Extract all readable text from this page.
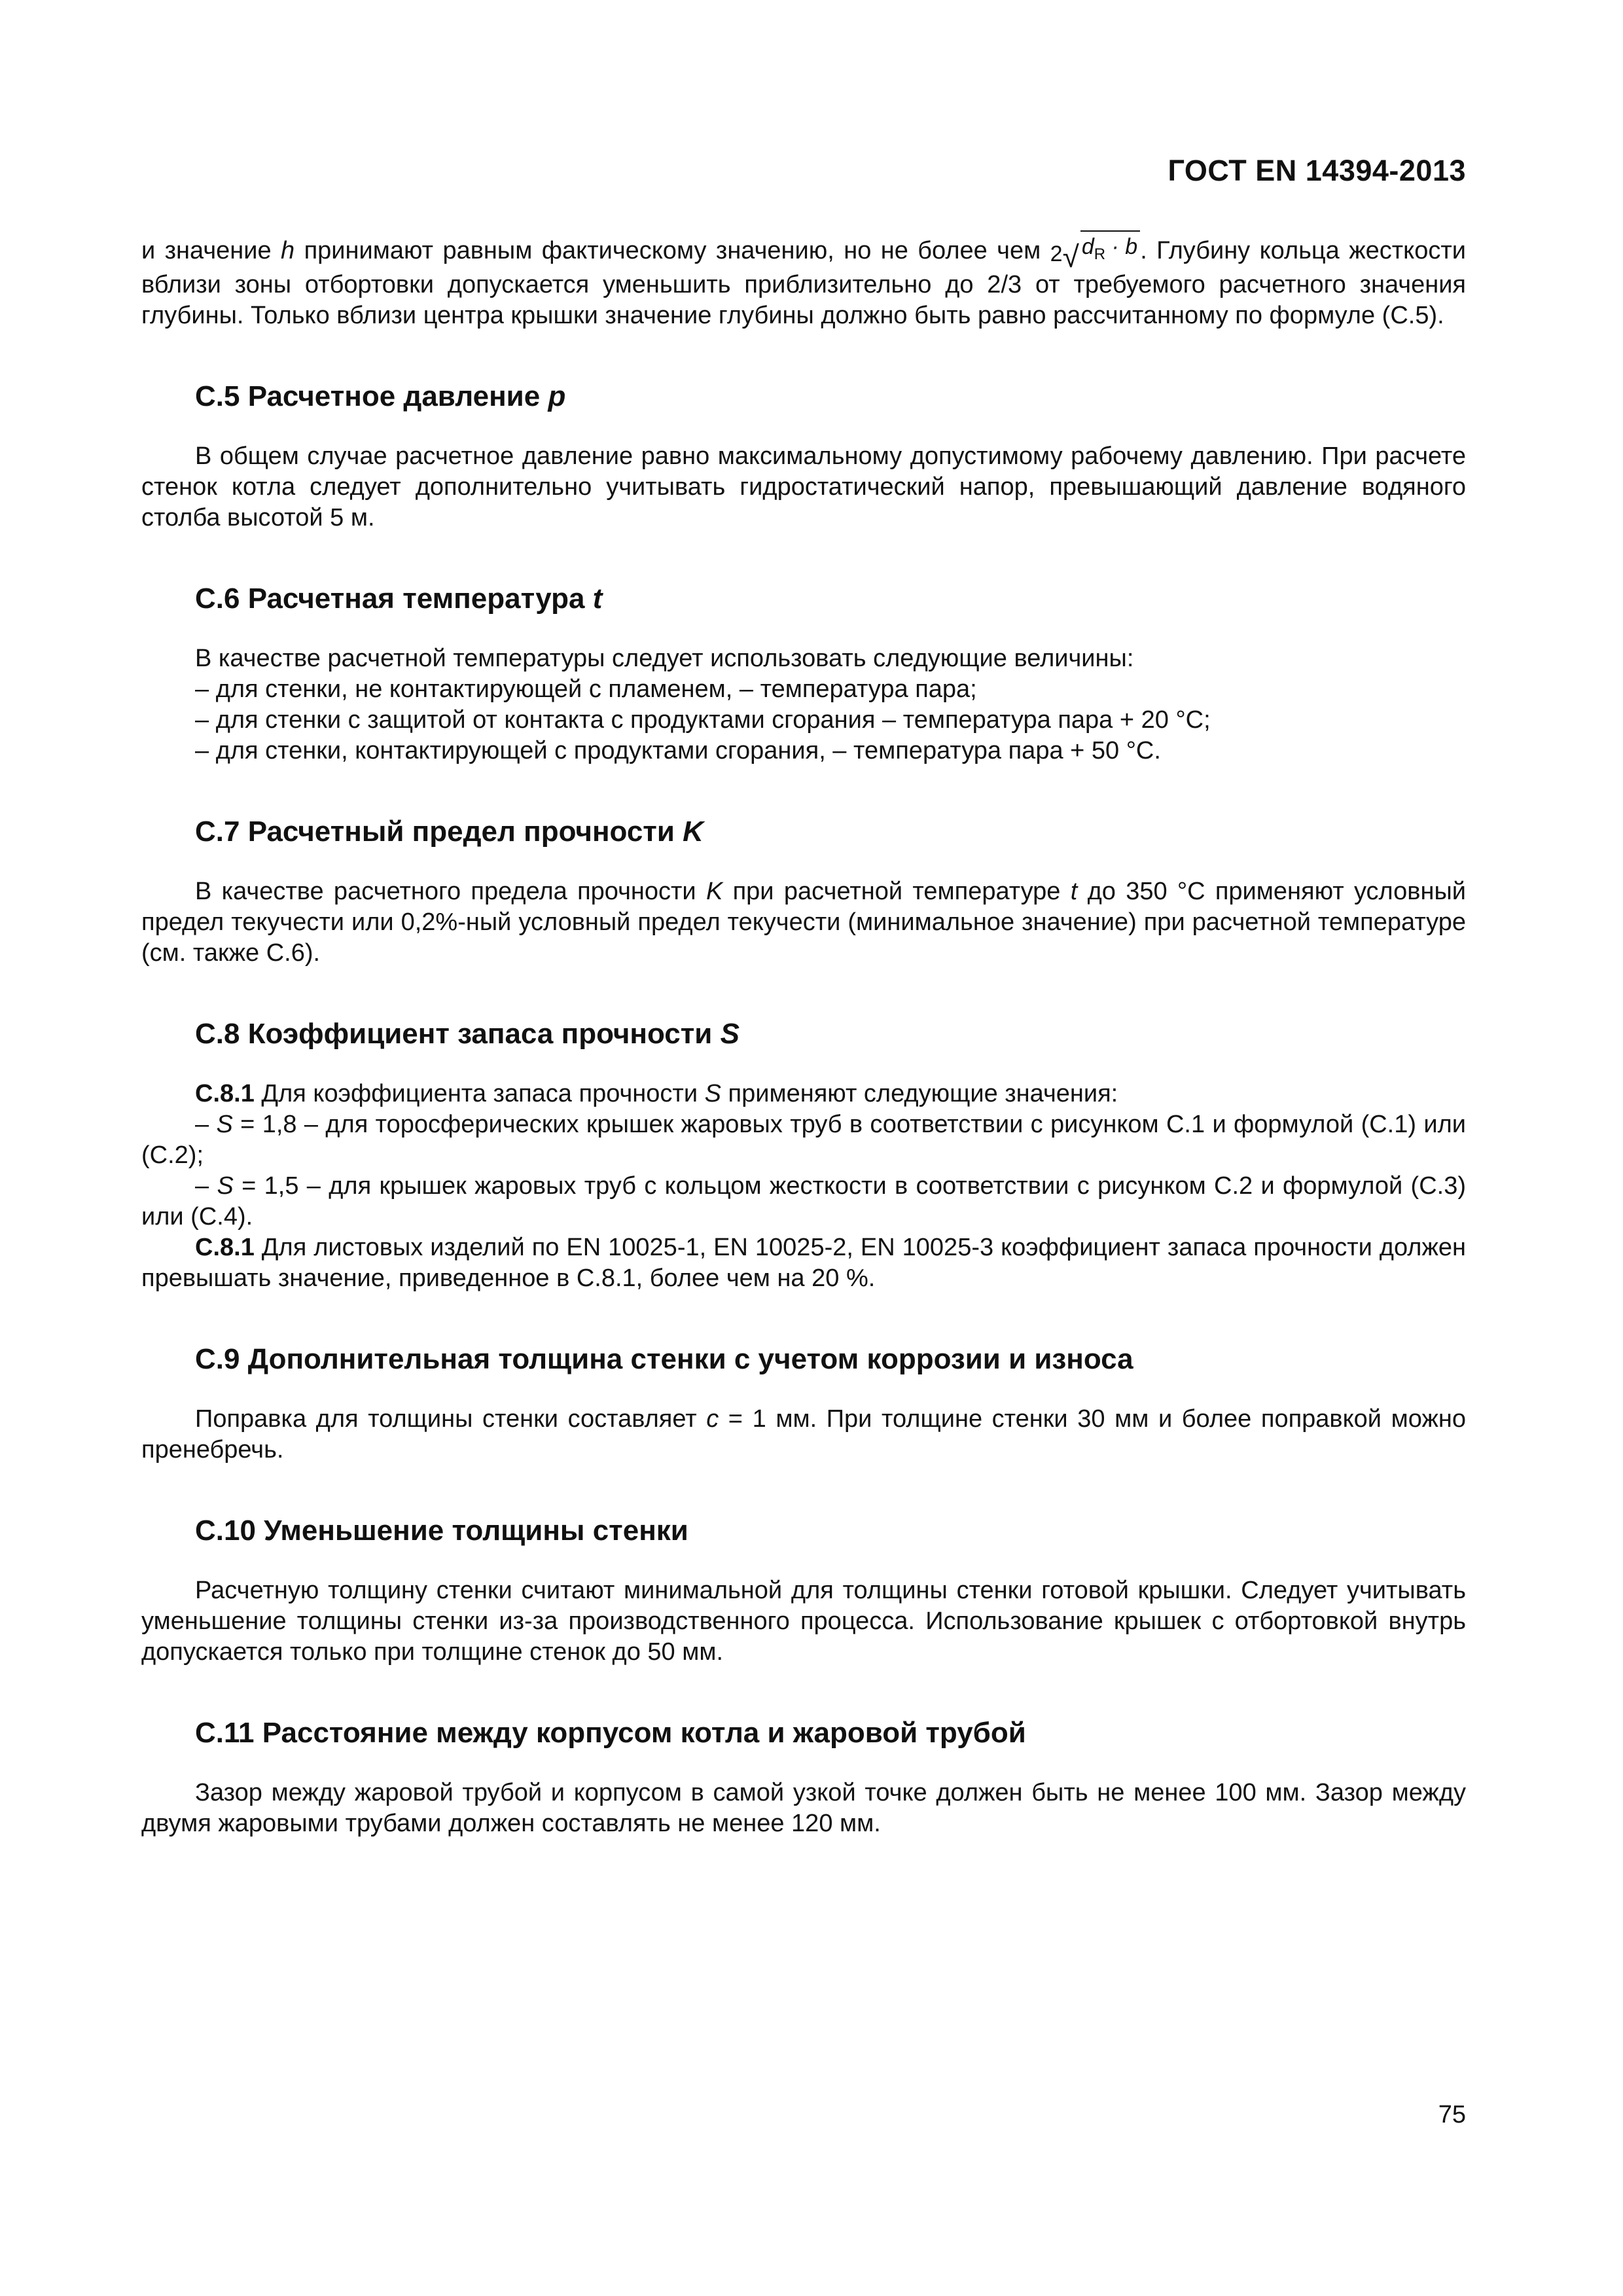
ГОСТ EN 14394-2013

и значение h принимают равным фактическому значению, но не более чем 2 √ $d_R \cdot b$ . Глубину кольца жесткости вблизи зоны отбортовки допускается уменьшить приблизительно до 2/3 от требуемого расчетного значения глубины. Только вблизи центра крышки значение глубины должно быть равно рассчитанному по формуле (С.5).

С.5 Расчетное давление p

В общем случае расчетное давление равно максимальному допустимому рабочему давлению. При расчете стенок котла следует дополнительно учитывать гидростатический напор, превышающий давление водяного столба высотой 5 м.

С.6 Расчетная температура t

В качестве расчетной температуры следует использовать следующие величины:

– для стенки, не контактирующей с пламенем, – температура пара;

– для стенки с защитой от контакта с продуктами сгорания – температура пара + 20 °С;

– для стенки, контактирующей с продуктами сгорания, – температура пара + 50 °С.

С.7 Расчетный предел прочности K

В качестве расчетного предела прочности K при расчетной температуре t до 350 °С применяют условный предел текучести или 0,2%-ный условный предел текучести (минимальное значение) при расчетной температуре (см. также С.6).

С.8 Коэффициент запаса прочности S

С.8.1 Для коэффициента запаса прочности S применяют следующие значения:

– S = 1,8 – для торосферических крышек жаровых труб в соответствии с рисунком С.1 и формулой (С.1) или (С.2);

– S = 1,5 – для крышек жаровых труб с кольцом жесткости в соответствии с рисунком С.2 и формулой (С.3) или (С.4).

С.8.1 Для листовых изделий по EN 10025-1, EN 10025-2, EN 10025-3 коэффициент запаса прочности должен превышать значение, приведенное в С.8.1, более чем на 20 %.

С.9 Дополнительная толщина стенки с учетом коррозии и износа

Поправка для толщины стенки составляет c = 1 мм. При толщине стенки 30 мм и более поправкой можно пренебречь.

С.10 Уменьшение толщины стенки

Расчетную толщину стенки считают минимальной для толщины стенки готовой крышки. Следует учитывать уменьшение толщины стенки из-за производственного процесса. Использование крышек с отбортовкой внутрь допускается только при толщине стенок до 50 мм.

С.11 Расстояние между корпусом котла и жаровой трубой

Зазор между жаровой трубой и корпусом в самой узкой точке должен быть не менее 100 мм. Зазор между двумя жаровыми трубами должен составлять не менее 120 мм.

75
